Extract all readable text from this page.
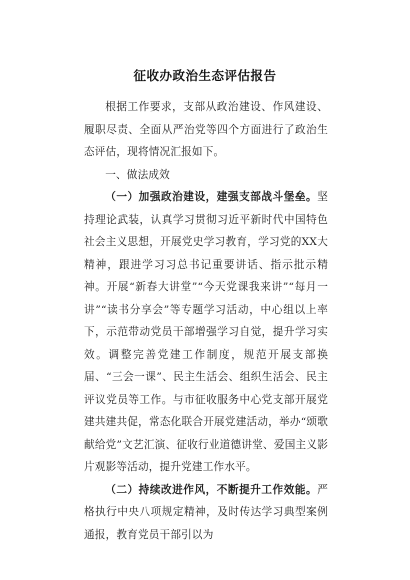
征收办政治生态评估报告

根据工作要求，支部从政治建设、作风建设、履职尽责、全面从严治党等四个方面进行了政治生态评估，现将情况汇报如下。

一、做法成效

（一）加强政治建设，建强支部战斗堡垒。坚持理论武装，认真学习贯彻习近平新时代中国特色社会主义思想，开展党史学习教育，学习党的XX大精神，跟进学习习总书记重要讲话、指示批示精神。开展“新春大讲堂”“今天党课我来讲”“每月一讲”“读书分享会”等专题学习活动，中心组以上率下，示范带动党员干部增强学习自觉，提升学习实效。调整完善党建工作制度，规范开展支部换届、“三会一课”、民主生活会、组织生活会、民主评议党员等工作。与市征收服务中心党支部开展党建共建共促，常态化联合开展党建活动，举办“颂歌献给党”文艺汇演、征收行业道德讲堂、爱国主义影片观影等活动，提升党建工作水平。

（二）持续改进作风，不断提升工作效能。严格执行中央八项规定精神，及时传达学习典型案例通报，教育党员干部引以为
